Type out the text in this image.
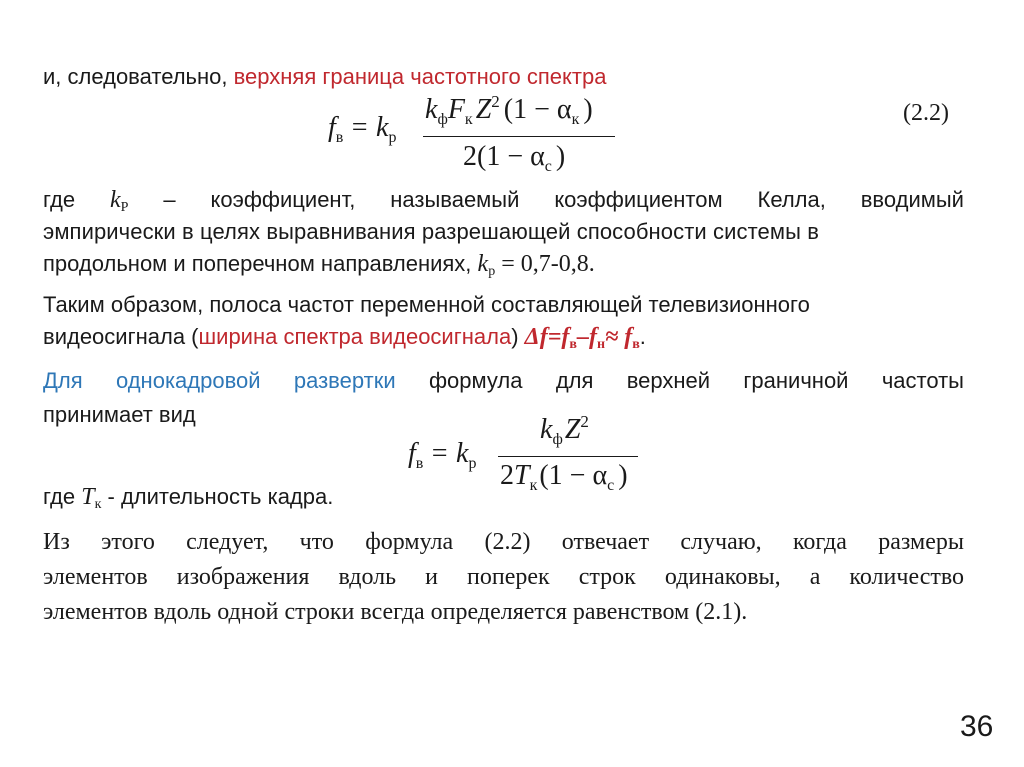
и, следовательно, верхняя граница частотного спектра
fв = kр
kфFк Z2 (1 − αк )
2(1 − αс )
(2.2)
где kР – коэффициент, называемый коэффициентом Келла, вводимый
эмпирически в целях выравнивания разрешающей способности системы в
продольном и поперечном направлениях, kр = 0,7-0,8.
Таким образом, полоса частот переменной составляющей телевизионного
видеосигнала (ширина спектра видеосигнала) Δf=fв–fн≈ fв.
Для однокадровой развертки формула для верхней граничной частоты
принимает вид
fв = kр
kфZ2
2Tк(1 − αс )
где Tк - длительность кадра.
Из этого следует, что формула (2.2) отвечает случаю, когда размеры
элементов изображения вдоль и поперек строк одинаковы, а количество
элементов вдоль одной строки всегда определяется равенством (2.1).
36
